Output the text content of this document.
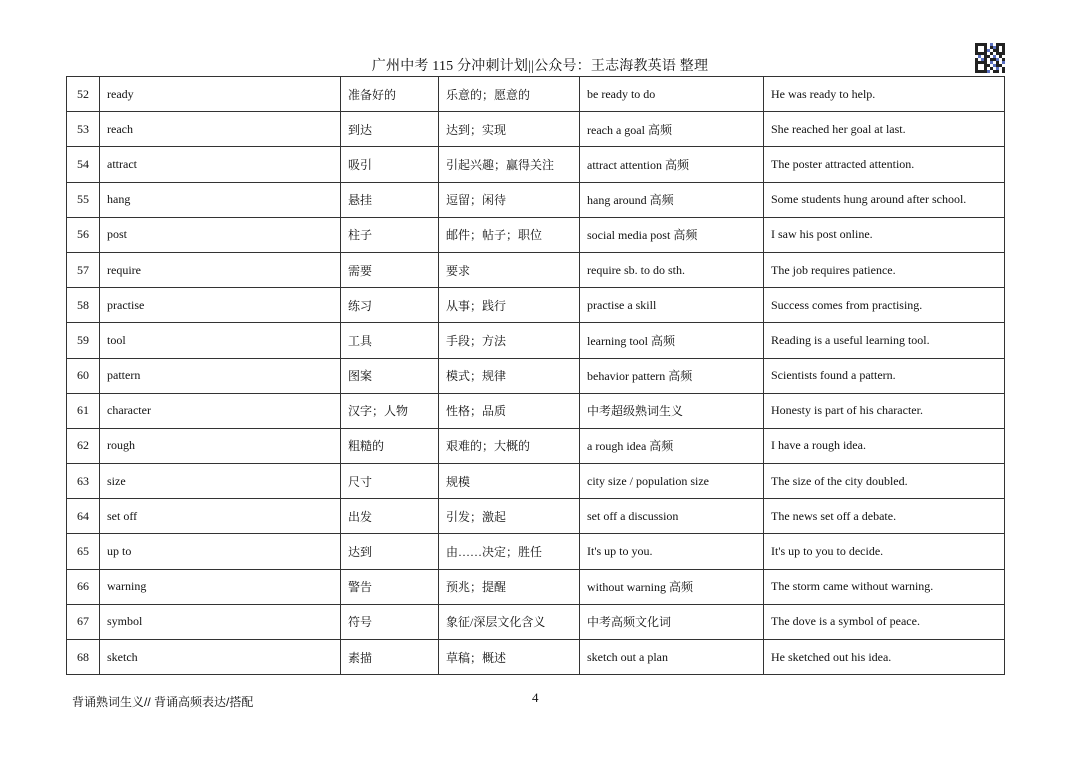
广州中考 115 分冲刺计划||公众号：王志海教英语 整理
52	ready	准备好的	乐意的；愿意的	be ready to do	He was ready to help.
53	reach	到达	达到；实现	reach a goal 高频	She reached her goal at last.
54	attract	吸引	引起兴趣；赢得关注	attract attention 高频	The poster attracted attention.
55	hang	悬挂	逗留；闲待	hang around 高频	Some students hung around after school.
56	post	柱子	邮件；帖子；职位	social media post 高频	I saw his post online.
57	require	需要	要求	require sb. to do sth.	The job requires patience.
58	practise	练习	从事；践行	practise a skill	Success comes from practising.
59	tool	工具	手段；方法	learning tool 高频	Reading is a useful learning tool.
60	pattern	图案	模式；规律	behavior pattern 高频	Scientists found a pattern.
61	character	汉字；人物	性格；品质	中考超级熟词生义	Honesty is part of his character.
62	rough	粗糙的	艰难的；大概的	a rough idea 高频	I have a rough idea.
63	size	尺寸	规模	city size / population size	The size of the city doubled.
64	set off	出发	引发；激起	set off a discussion	The news set off a debate.
65	up to	达到	由……决定；胜任	It's up to you.	It's up to you to decide.
66	warning	警告	预兆；提醒	without warning 高频	The storm came without warning.
67	symbol	符号	象征/深层文化含义	中考高频文化词	The dove is a symbol of peace.
68	sketch	素描	草稿；概述	sketch out a plan	He sketched out his idea.
背诵熟词生义// 背诵高频表达/搭配	4
